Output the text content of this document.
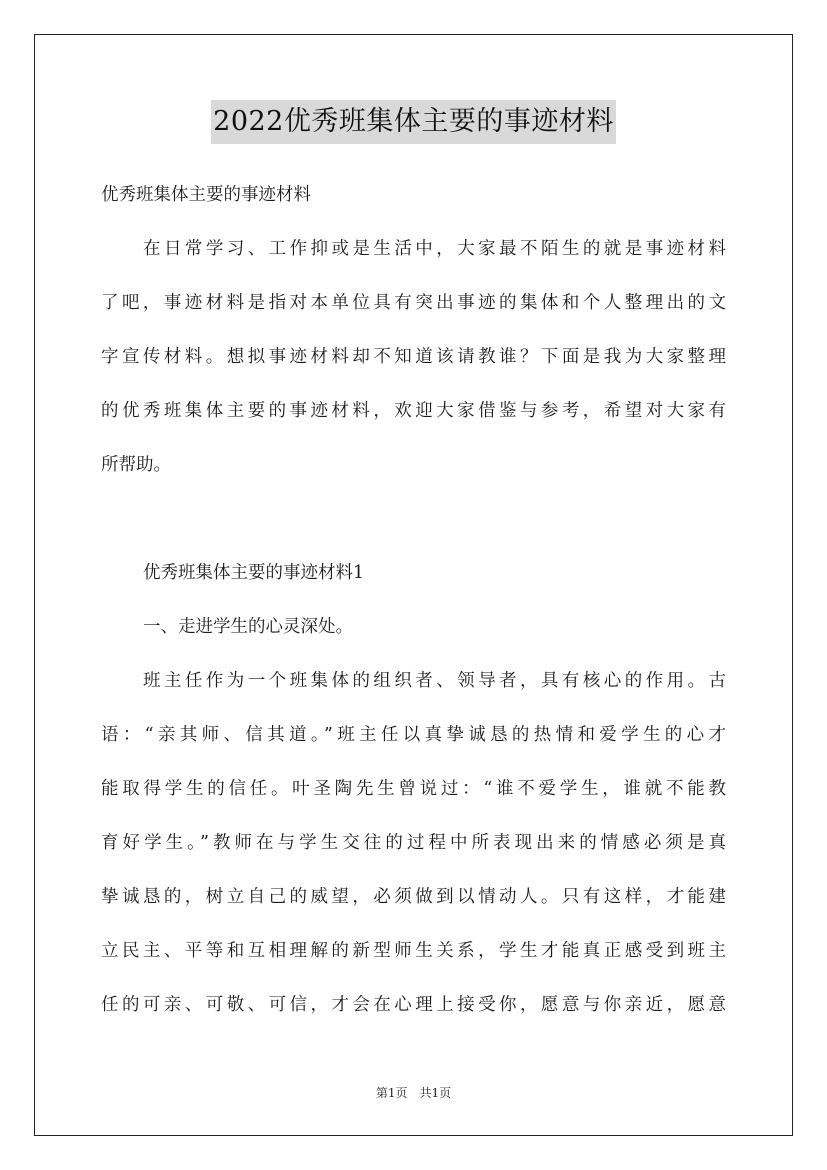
2022优秀班集体主要的事迹材料
优秀班集体主要的事迹材料
在日常学习、工作抑或是生活中，大家最不陌生的就是事迹材料
了吧，事迹材料是指对本单位具有突出事迹的集体和个人整理出的文
字宣传材料。想拟事迹材料却不知道该请教谁？下面是我为大家整理
的优秀班集体主要的事迹材料，欢迎大家借鉴与参考，希望对大家有
所帮助。
优秀班集体主要的事迹材料1
一、走进学生的心灵深处。
班主任作为一个班集体的组织者、领导者，具有核心的作用。古
语：“亲其师、信其道。”班主任以真挚诚恳的热情和爱学生的心才
能取得学生的信任。叶圣陶先生曾说过：“谁不爱学生，谁就不能教
育好学生。”教师在与学生交往的过程中所表现出来的情感必须是真
挚诚恳的，树立自己的威望，必须做到以情动人。只有这样，才能建
立民主、平等和互相理解的新型师生关系，学生才能真正感受到班主
任的可亲、可敬、可信，才会在心理上接受你，愿意与你亲近，愿意
第1页　共1页
